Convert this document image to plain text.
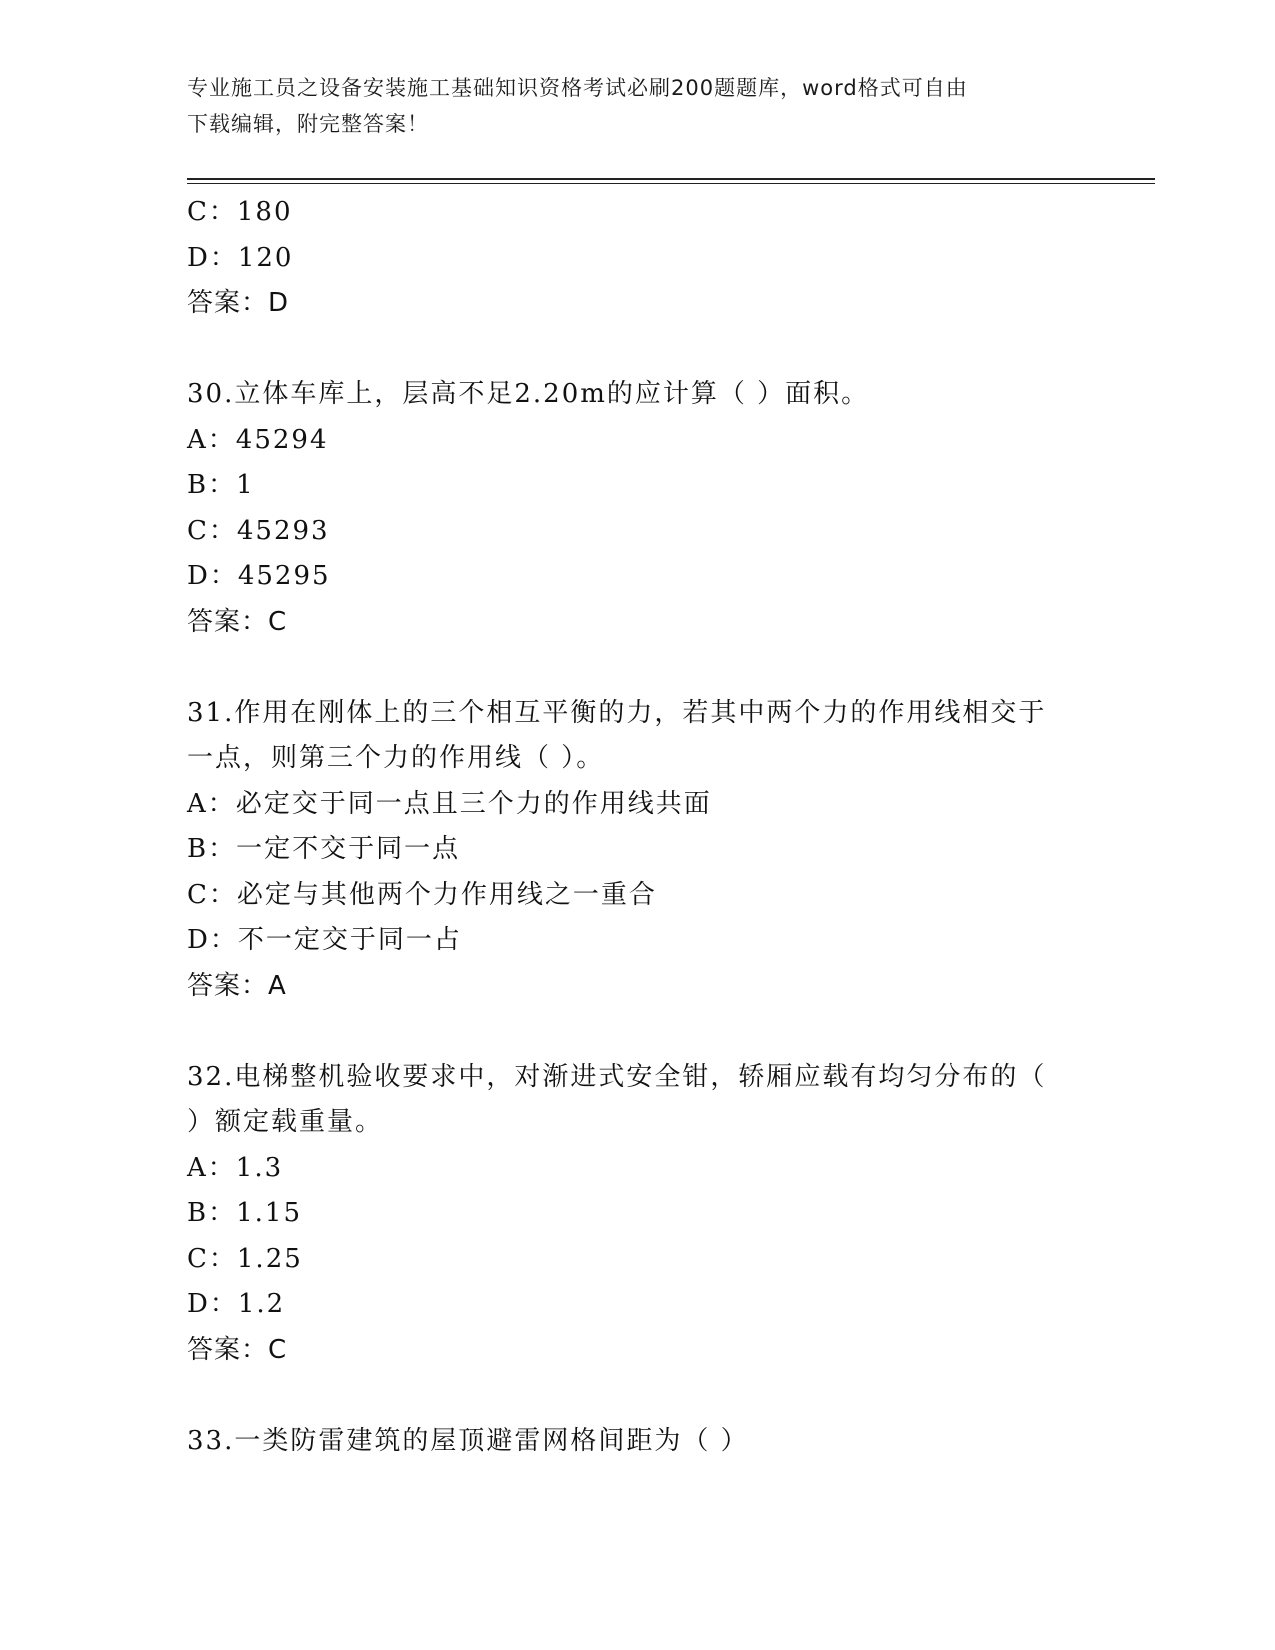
专业施工员之设备安装施工基础知识资格考试必刷200题题库，word格式可自由
下载编辑，附完整答案！
C：180
D：120
答案：D
30.立体车库上，层高不足2.20m的应计算（ ）面积。
A：45294
B：1
C：45293
D：45295
答案：C
31.作用在刚体上的三个相互平衡的力，若其中两个力的作用线相交于
一点，则第三个力的作用线（ ）。
A：必定交于同一点且三个力的作用线共面
B：一定不交于同一点
C：必定与其他两个力作用线之一重合
D：不一定交于同一占
答案：A
32.电梯整机验收要求中，对渐进式安全钳，轿厢应载有均匀分布的（
）额定载重量。
A：1.3
B：1.15
C：1.25
D：1.2
答案：C
33.一类防雷建筑的屋顶避雷网格间距为（ ）
